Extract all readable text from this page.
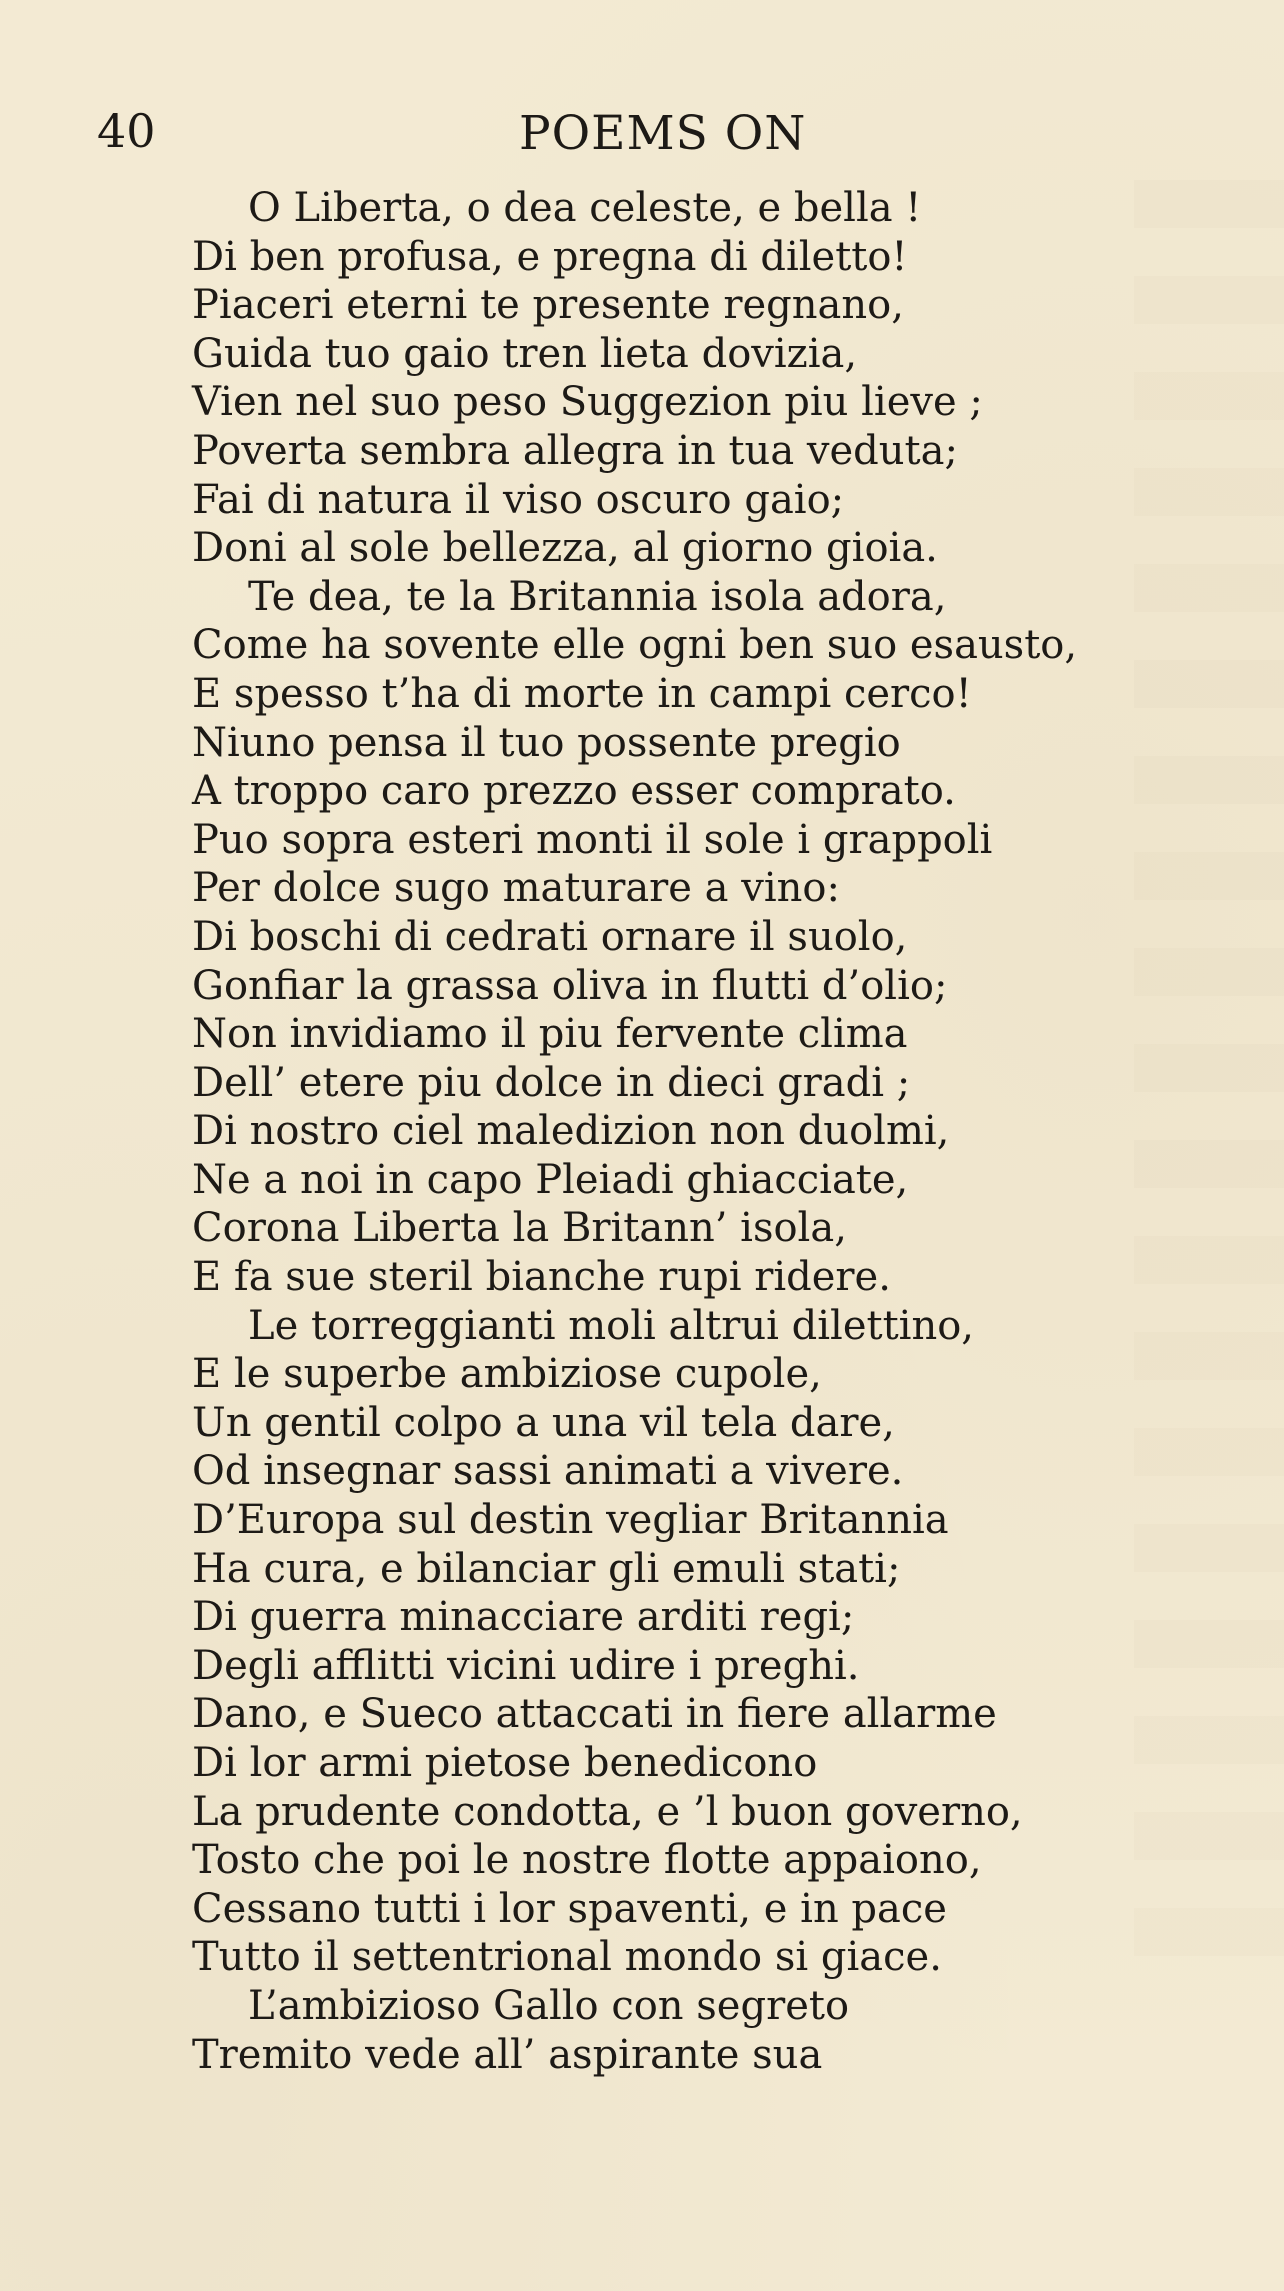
40	POEMS ON
O Liberta, o dea celeste, e bella !
Di ben profusa, e pregna di diletto!
Piaceri eterni te presente regnano,
Guida tuo gaio tren lieta dovizia,
Vien nel suo peso Suggezion piu lieve ;
Poverta sembra allegra in tua veduta;
Fai di natura il viso oscuro gaio;
Doni al sole bellezza, al giorno gioia.
Te dea, te la Britannia isola adora,
Come ha sovente elle ogni ben suo esausto,
E spesso t’ha di morte in campi cerco!
Niuno pensa il tuo possente pregio
A troppo caro prezzo esser comprato.
Puo sopra esteri monti il sole i grappoli
Per dolce sugo maturare a vino:
Di boschi di cedrati ornare il suolo,
Gonfiar la grassa oliva in flutti d’olio;
Non invidiamo il piu fervente clima
Dell’ etere piu dolce in dieci gradi ;
Di nostro ciel maledizion non duolmi,
Ne a noi in capo Pleiadi ghiacciate,
Corona Liberta la Britann’ isola,
E fa sue steril bianche rupi ridere.
Le torreggianti moli altrui dilettino,
E le superbe ambiziose cupole,
Un gentil colpo a una vil tela dare,
Od insegnar sassi animati a vivere.
D’Europa sul destin vegliar Britannia
Ha cura, e bilanciar gli emuli stati;
Di guerra minacciare arditi regi;
Degli afflitti vicini udire i preghi.
Dano, e Sueco attaccati in fiere allarme
Di lor armi pietose benedicono
La prudente condotta, e ’l buon governo,
Tosto che poi le nostre flotte appaiono,
Cessano tutti i lor spaventi, e in pace
Tutto il settentrional mondo si giace.
L’ambizioso Gallo con segreto
Tremito vede all’ aspirante sua
